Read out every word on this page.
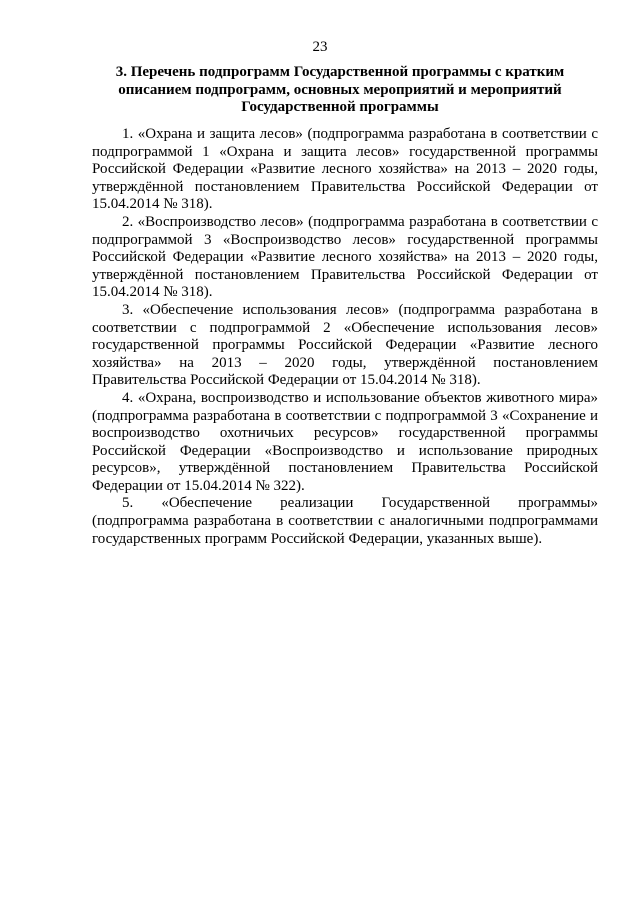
23
3. Перечень подпрограмм Государственной программы с кратким описанием подпрограмм, основных мероприятий и мероприятий Государственной программы

1. «Охрана и защита лесов» (подпрограмма разработана в соответствии с подпрограммой 1 «Охрана и защита лесов» государственной программы Российской Федерации «Развитие лесного хозяйства» на 2013 – 2020 годы, утверждённой постановлением Правительства Российской Федерации от 15.04.2014 № 318).

2. «Воспроизводство лесов» (подпрограмма разработана в соответствии с подпрограммой 3 «Воспроизводство лесов» государственной программы Российской Федерации «Развитие лесного хозяйства» на 2013 – 2020 годы, утверждённой постановлением Правительства Российской Федерации от 15.04.2014 № 318).

3. «Обеспечение использования лесов» (подпрограмма разработана в соответствии с подпрограммой 2 «Обеспечение использования лесов» государственной программы Российской Федерации «Развитие лесного хозяйства» на 2013 – 2020 годы, утверждённой постановлением Правительства Российской Федерации от 15.04.2014 № 318).

4. «Охрана, воспроизводство и использование объектов животного мира» (подпрограмма разработана в соответствии с подпрограммой 3 «Сохранение и воспроизводство охотничьих ресурсов» государственной программы Российской Федерации «Воспроизводство и использование природных ресурсов», утверждённой постановлением Правительства Российской Федерации от 15.04.2014 № 322).

5. «Обеспечение реализации Государственной программы» (подпрограмма разработана в соответствии с аналогичными подпрограммами государственных программ Российской Федерации, указанных выше).
